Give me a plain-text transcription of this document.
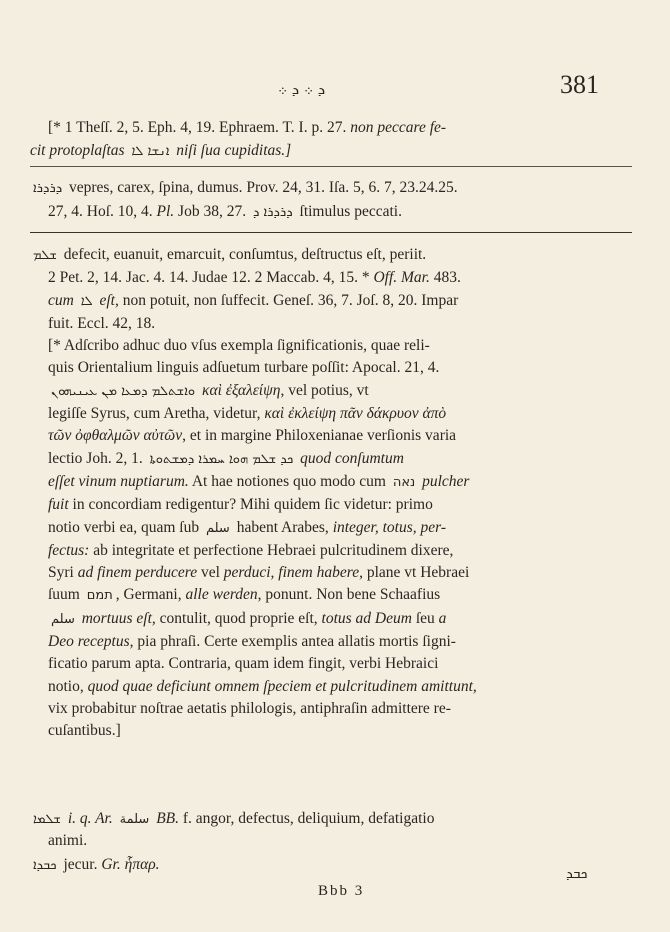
ܕ ܀ ܕ ܀	381

[* 1 Theſſ. 2, 5. Eph. 4, 19. Ephraem. T. I. p. 27. non peccare fe-

cit protoplaſtas ܐܢܫܐ ܠܐ niſi ſua cupiditas.]

ܕܪܕܪܐ vepres, carex, ſpina, dumus. Prov. 24, 31. Iſa. 5, 6. 7, 23.24.25.

27, 4. Hoſ. 10, 4. Pl. Job 38, 27. ܕܪܕܪܐ ܕ ſtimulus peccati.

ܫܠܡ defecit, euanuit, emarcuit, conſumtus, deſtructus eſt, periit.

2 Pet. 2, 14. Jac. 4. 14. Judae 12. 2 Maccab. 4, 15. * Off. Mar. 483.

cum ܠܐ eſt, non potuit, non ſuffecit. Geneſ. 36, 7. Joſ. 8, 20. Impar

fuit. Eccl. 42, 18.

[* Adſcribo adhuc duo vſus exempla ſignificationis, quae reli-

quis Orientalium linguis adſuetum turbare poſſit: Apocal. 21, 4.

ܘܐܫܬܠܡ ܕܡܥܐ ܡܢ ܥܝܢܝܗܘܢ καὶ ἐξαλείψη, vel potius, vt

legiſſe Syrus, cum Aretha, videtur, καὶ ἐκλείψη πᾶν δάκρυον ἀπὸ

τῶν ὀφθαλμῶν αὐτῶν, et in margine Philoxenianae verſionis varia

lectio Joh. 2, 1. ܟܕ ܫܠܡ ܗܘܐ ܚܡܪܐ ܕܡܫܬܘܬܐ quod conſumtum

eſſet vinum nuptiarum. At hae notiones quo modo cum נאה pulcher

fuit in concordiam redigentur? Mihi quidem ſic videtur: primo

notio verbi ea, quam ſub سلم habent Arabes, integer, totus, per-

fectus: ab integritate et perfectione Hebraei pulcritudinem dixere,

Syri ad finem perducere vel perduci, finem habere, plane vt Hebraei

ſuum תמם , Germani, alle werden, ponunt. Non bene Schaafius

سلم mortuus eſt, contulit, quod proprie eſt, totus ad Deum ſeu a

Deo receptus, pia phraſi. Certe exemplis antea allatis mortis ſigni-

ficatio parum apta. Contraria, quam idem fingit, verbi Hebraici

notio, quod quae deficiunt omnem ſpeciem et pulcritudinem amittunt,

vix probabitur noſtrae aetatis philologis, antiphraſin admittere re-

cuſantibus.]

ܫܠܡܐ i. q. Ar. سلمة BB. f. angor, defectus, deliquium, defatigatio

animi.

ܟܒܕܐ jecur. Gr. ἧπαρ.

Bbb 3
ܟܒܕ
